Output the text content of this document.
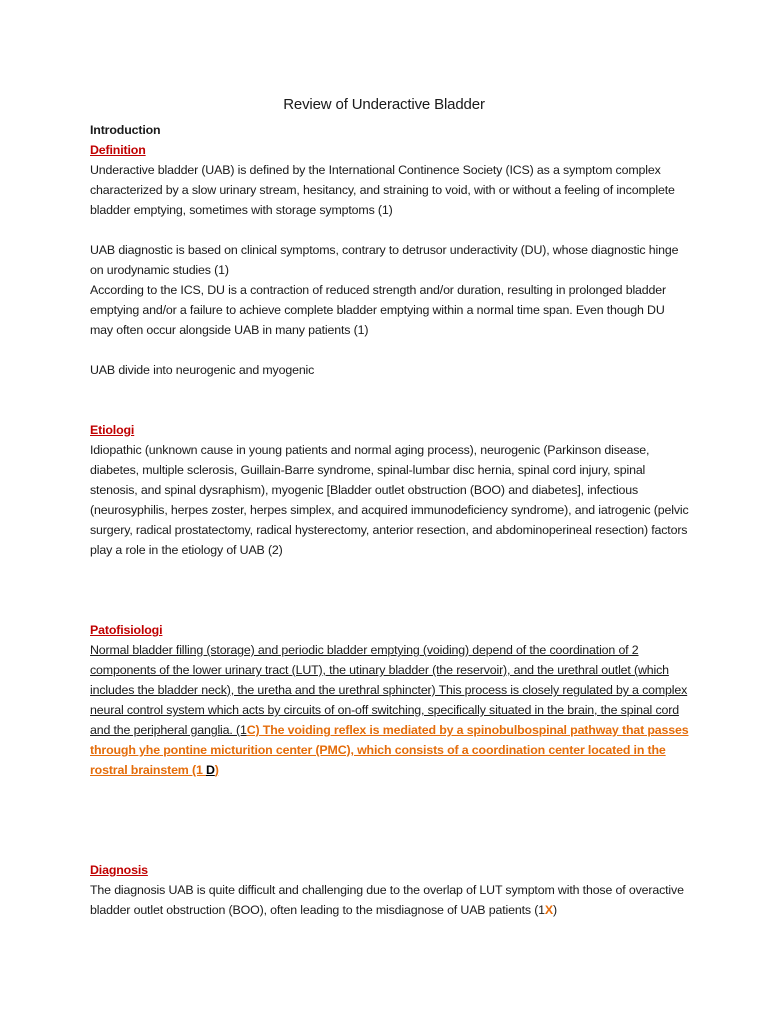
Review of Underactive Bladder

Introduction

Definition

Underactive bladder (UAB) is defined by the International Continence Society (ICS) as a symptom complex characterized by a slow urinary stream, hesitancy, and straining to void, with or without a feeling of incomplete bladder emptying, sometimes with storage symptoms (1)

UAB diagnostic is based on clinical symptoms, contrary to detrusor underactivity (DU), whose diagnostic hinge on urodynamic studies (1)

According to the ICS, DU is a contraction of reduced strength and/or duration, resulting in prolonged bladder emptying and/or a failure to achieve complete bladder emptying within a normal time span. Even though DU may often occur alongside UAB in many patients (1)

UAB divide into neurogenic and myogenic

Etiologi

Idiopathic (unknown cause in young patients and normal aging process), neurogenic (Parkinson disease, diabetes, multiple sclerosis, Guillain-Barre syndrome, spinal-lumbar disc hernia, spinal cord injury, spinal stenosis, and spinal dysraphism), myogenic [Bladder outlet obstruction (BOO) and diabetes], infectious (neurosyphilis, herpes zoster, herpes simplex, and acquired immunodeficiency syndrome), and iatrogenic (pelvic surgery, radical prostatectomy, radical hysterectomy, anterior resection, and abdominoperineal resection) factors play a role in the etiology of UAB (2)

Patofisiologi

Normal bladder filling (storage) and periodic bladder emptying (voiding) depend of the coordination of 2 components of the lower urinary tract (LUT), the utinary bladder (the reservoir), and the urethral outlet (which includes the bladder neck), the uretha and the urethral sphincter) This process is closely regulated by a complex neural control system which acts by circuits of on-off switching, specifically situated in the brain, the spinal cord and the peripheral ganglia. (1C) The voiding reflex is mediated by a spinobulbospinal pathway that passes through yhe pontine micturition center (PMC), which consists of a coordination center located in the rostral brainstem (1 D)

Diagnosis

The diagnosis UAB is quite difficult and challenging due to the overlap of LUT symptom with those of overactive bladder outlet obstruction (BOO), often leading to the misdiagnose of UAB patients (1X)
